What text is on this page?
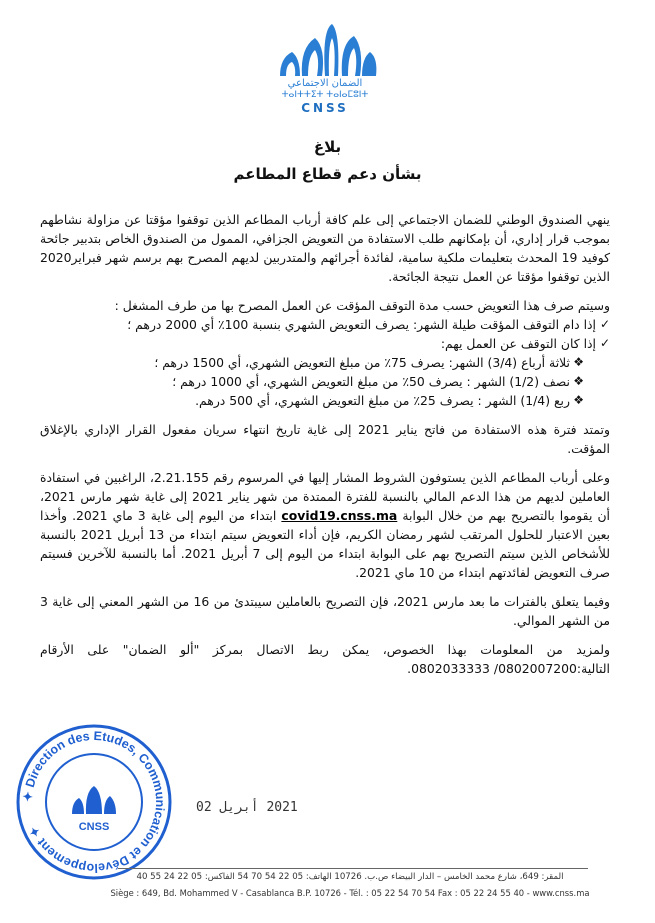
الضمان الاجتماعي
ⵜⴰⵏⵜⵜⵉⵜ ⵜⴰⵏⴰⵎⵓⵏⵜ
CNSS
بلاغ
بشأن دعم قطاع المطاعم

ينهي الصندوق الوطني للضمان الاجتماعي إلى علم كافة أرباب المطاعم الذين توقفوا مؤقتا عن مزاولة نشاطهم بموجب قرار إداري، أن بإمكانهم طلب الاستفادة من التعويض الجزافي، الممول من الصندوق الخاص بتدبير جائحة كوفيد 19 المحدث بتعليمات ملكية سامية، لفائدة أجرائهم والمتدربين لديهم المصرح بهم برسم شهر فبراير2020 الذين توقفوا مؤقتا عن العمل نتيجة الجائحة.

وسيتم صرف هذا التعويض حسب مدة التوقف المؤقت عن العمل المصرح بها من طرف المشغل :
✓
إذا دام التوقف المؤقت طيلة الشهر: يصرف التعويض الشهري بنسبة 100٪ أي 2000 درهم ؛
✓
إذا كان التوقف عن العمل يهم:
❖
ثلاثة أرباع (3/4) الشهر: يصرف 75٪ من مبلغ التعويض الشهري، أي 1500 درهم ؛
❖
نصف (1/2) الشهر : يصرف 50٪ من مبلغ التعويض الشهري، أي 1000 درهم ؛
❖
ربع (1/4) الشهر : يصرف 25٪ من مبلغ التعويض الشهري، أي 500 درهم.

وتمتد فترة هذه الاستفادة من فاتح يناير 2021 إلى غاية تاريخ انتهاء سريان مفعول القرار الإداري بالإغلاق المؤقت.

وعلى أرباب المطاعم الذين يستوفون الشروط المشار إليها في المرسوم رقم 2.21.155، الراغبين في استفادة العاملين لديهم من هذا الدعم المالي بالنسبة للفترة الممتدة من شهر يناير 2021 إلى غاية شهر مارس 2021، أن يقوموا بالتصريح بهم من خلال البوابة covid19.cnss.ma ابتداء من اليوم إلى غاية 3 ماي 2021. وأخذا بعين الاعتبار للحلول المرتقب لشهر رمضان الكريم، فإن أداء التعويض سيتم ابتداء من 13 أبريل 2021 بالنسبة للأشخاص الذين سيتم التصريح بهم على البوابة ابتداء من اليوم إلى 7 أبريل 2021. أما بالنسبة للآخرين فسيتم صرف التعويض لفائدتهم ابتداء من 10 ماي 2021.

وفيما يتعلق بالفترات ما بعد مارس 2021، فإن التصريح بالعاملين سيبتدئ من 16 من الشهر المعني إلى غاية 3 من الشهر الموالي.

ولمزيد من المعلومات بهذا الخصوص، يمكن ربط الاتصال بمركز "ألو الضمان" على الأرقام التالية:0802007200/ 0802033333.

✦ Direction des Etudes, Communication et Développement ✦	CNSS
2021 أبريل 02
المقر: 649، شارع محمد الخامس – الدار البيضاء ص.ب. 10726 الهاتف: 05 22 54 70 54 الفاكس: 05 22 24 55 40
Siège : 649, Bd. Mohammed V - Casablanca B.P. 10726 - Tél. : 05 22 54 70 54 Fax : 05 22 24 55 40 - www.cnss.ma
